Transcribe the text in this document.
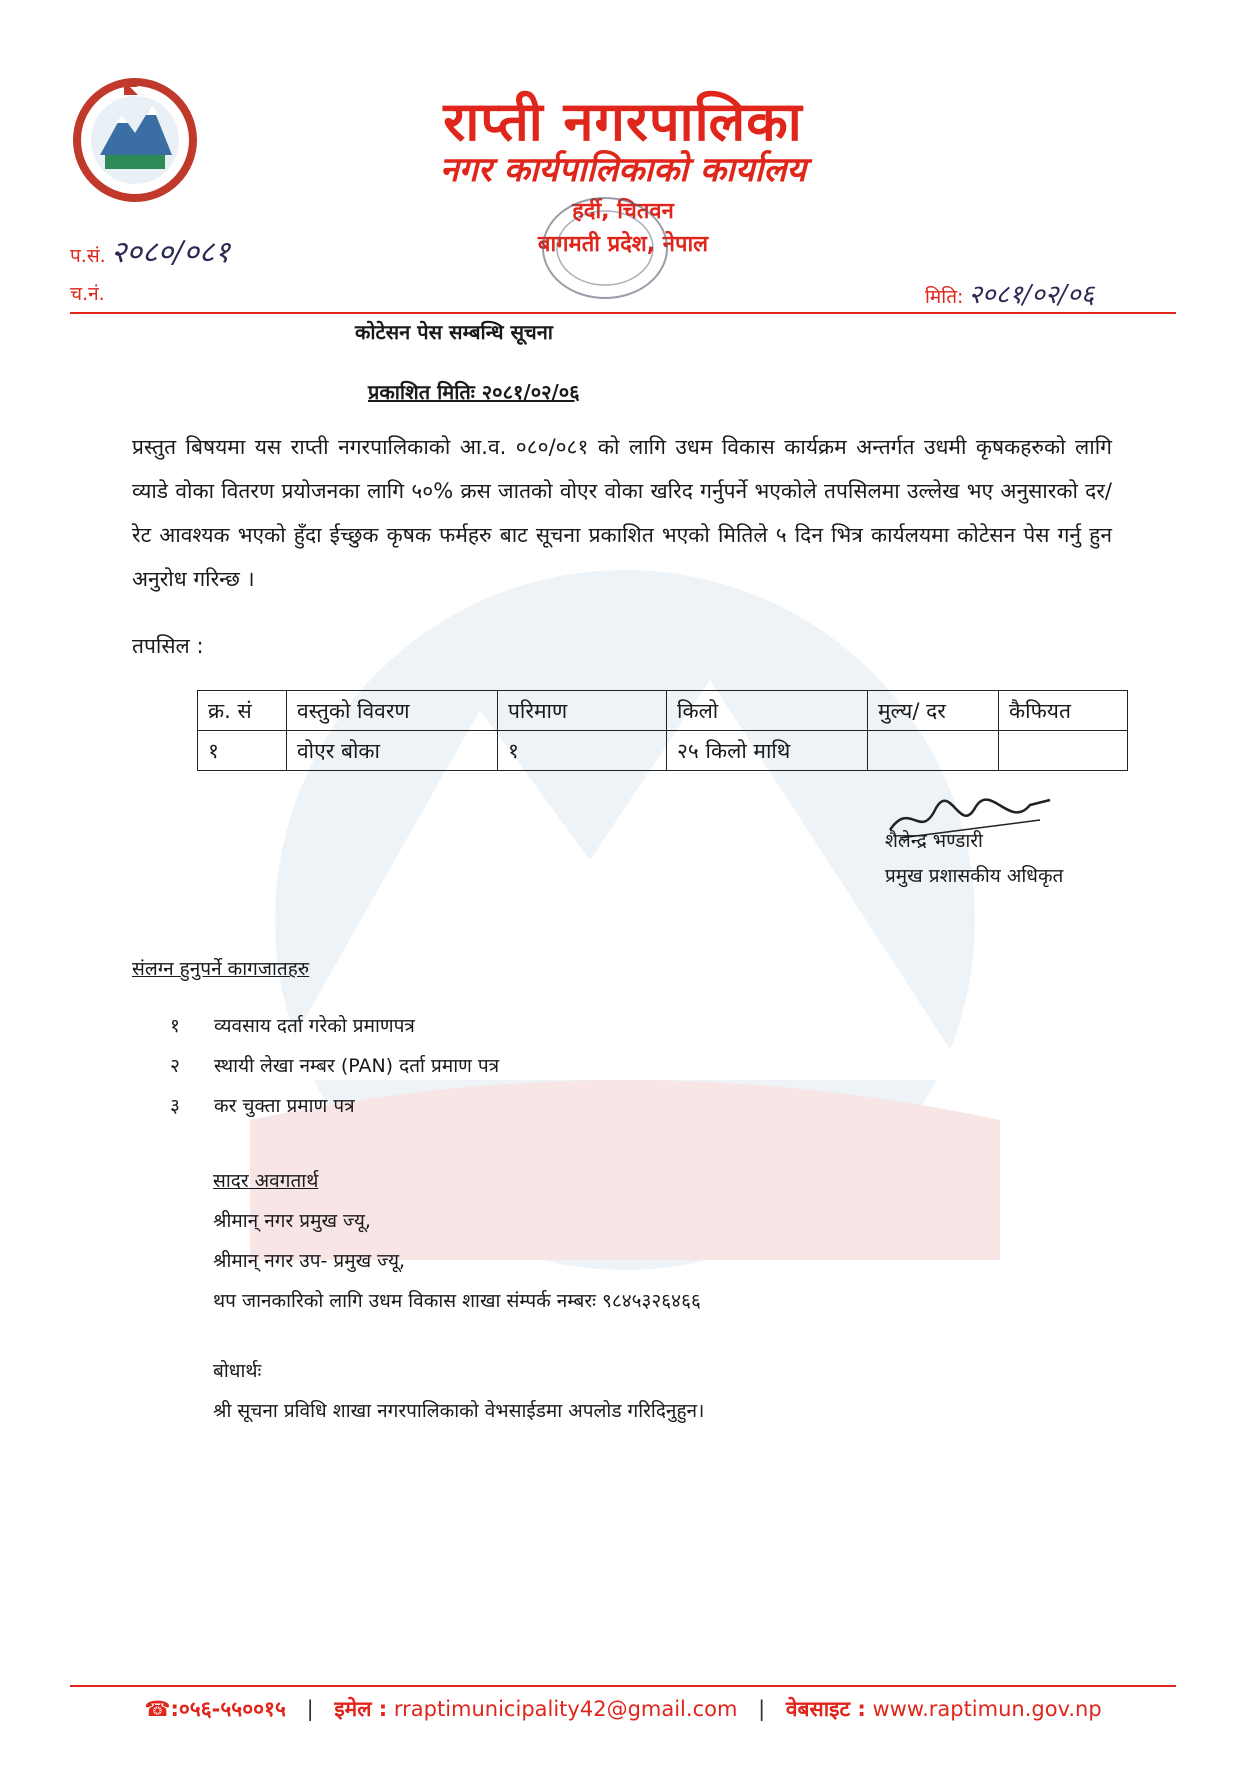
राप्ती नगरपालिका
नगर कार्यपालिकाको कार्यालय
हर्दी, चितवन
बागमती प्रदेश, नेपाल
प.सं. २०८०/०८१
च.नं.	मिति: २०८१/०२/०६
कोटेसन पेस सम्बन्धि सूचना
प्रकाशित मितिः २०८१/०२/०६
प्रस्तुत बिषयमा यस राप्ती नगरपालिकाको आ.व. ०८०/०८१ को लागि उधम विकास कार्यक्रम अन्तर्गत उधमी कृषकहरुको लागि व्याडे वोका वितरण प्रयोजनका लागि ५०% क्रस जातको वोएर वोका खरिद गर्नुपर्ने भएकोले तपसिलमा उल्लेख भए अनुसारको दर/ रेट आवश्यक भएको हुँदा ईच्छुक कृषक फर्महरु बाट सूचना प्रकाशित भएको मितिले ५ दिन भित्र कार्यलयमा कोटेसन पेस गर्नु हुन अनुरोध गरिन्छ ।
तपसिल :
क्र. सं	वस्तुको विवरण	परिमाण	किलो	मुल्य/ दर	कैफियत
१	वोएर बोका	१	२५ किलो माथि		
शैलेन्द्र भण्डारी
प्रमुख प्रशासकीय अधिकृत
संलग्न हुनुपर्ने कागजातहरु
१ व्यवसाय दर्ता गरेको प्रमाणपत्र
२ स्थायी लेखा नम्बर (PAN) दर्ता प्रमाण पत्र
३ कर चुक्ता प्रमाण पत्र
सादर अवगतार्थ
श्रीमान् नगर प्रमुख ज्यू,
श्रीमान् नगर उप- प्रमुख ज्यू,
थप जानकारिको लागि उधम विकास शाखा संम्पर्क नम्बरः ९८४५३२६४६६
बोधार्थः
श्री सूचना प्रविधि शाखा नगरपालिकाको वेभसाईडमा अपलोड गरिदिनुहुन।
☎:०५६-५५००१५ | इमेल : rraptimunicipality42@gmail.com | वेबसाइट : www.raptimun.gov.np
